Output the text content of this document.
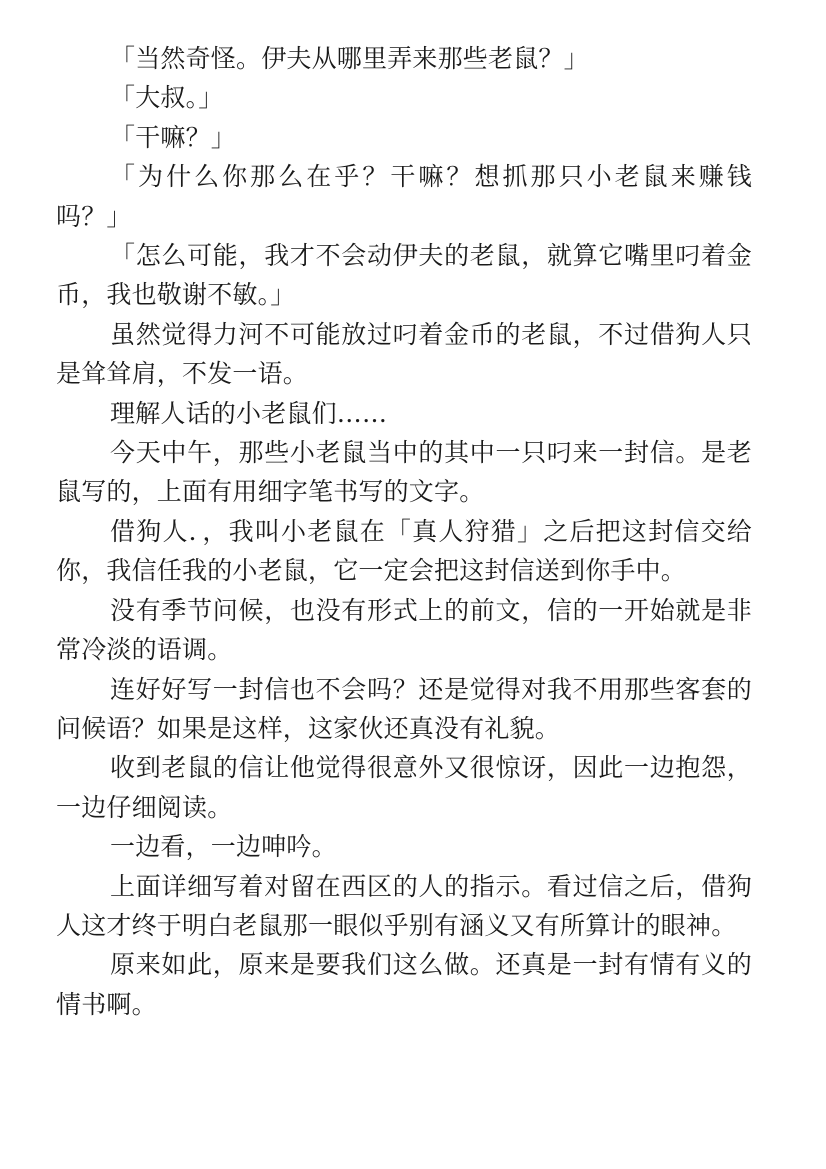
「当然奇怪。伊夫从哪里弄来那些老鼠？」

「大叔。」

「干嘛？」

「为什么你那么在乎？干嘛？想抓那只小老鼠来赚钱吗？」

「怎么可能，我才不会动伊夫的老鼠，就算它嘴里叼着金币，我也敬谢不敏。」

虽然觉得力河不可能放过叼着金币的老鼠，不过借狗人只是耸耸肩，不发一语。

理解人话的小老鼠们……

今天中午，那些小老鼠当中的其中一只叼来一封信。是老鼠写的，上面有用细字笔书写的文字。

借狗人．，我叫小老鼠在「真人狩猎」之后把这封信交给你，我信任我的小老鼠，它一定会把这封信送到你手中。

没有季节问候，也没有形式上的前文，信的一开始就是非常冷淡的语调。

连好好写一封信也不会吗？还是觉得对我不用那些客套的问候语？如果是这样，这家伙还真没有礼貌。

收到老鼠的信让他觉得很意外又很惊讶，因此一边抱怨，一边仔细阅读。

一边看，一边呻吟。

上面详细写着对留在西区的人的指示。看过信之后，借狗人这才终于明白老鼠那一眼似乎别有涵义又有所算计的眼神。

原来如此，原来是要我们这么做。还真是一封有情有义的情书啊。
